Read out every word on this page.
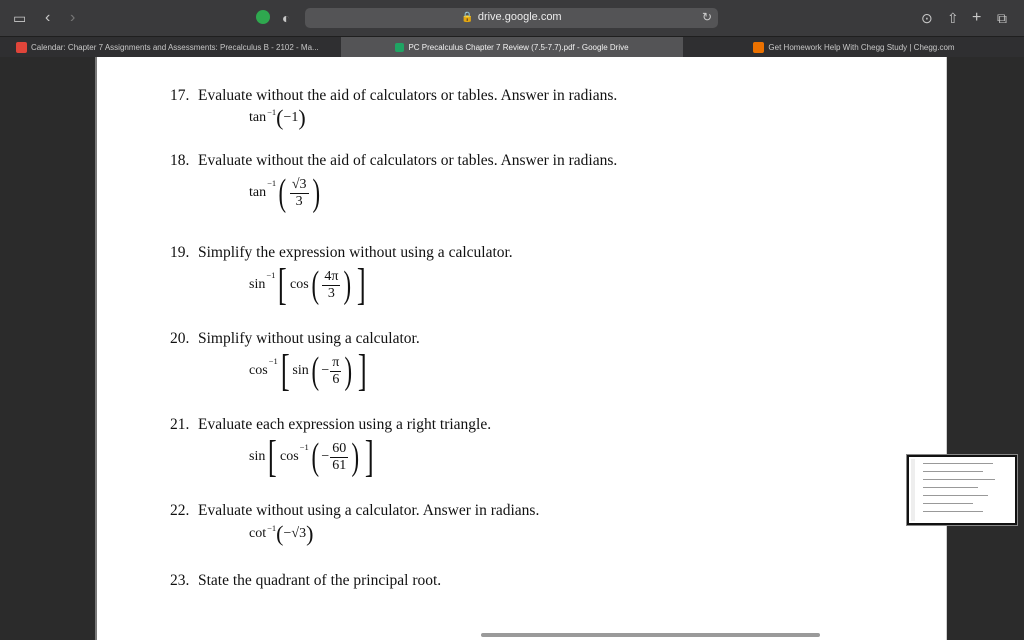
▭ ‹ ›	◐	🔒 drive.google.com	↻	⊙ ⇧ + ⧉
Calendar: Chapter 7 Assignments and Assessments: Precalculus B - 2102 - Ma...	PC Precalculus Chapter 7 Review (7.5-7.7).pdf - Google Drive	Get Homework Help With Chegg Study | Chegg.com
17. Evaluate without the aid of calculators or tables. Answer in radians.
$\tan^{-1}(-1)$
18. Evaluate without the aid of calculators or tables. Answer in radians.
$\tan^{-1}( \frac{√3}{3}$ )
19. Simplify the expression without using a calculator.
$\sin^{-1}$[ $\cos( \frac{4\pi}{3}$ ) ]
20. Simplify without using a calculator.
$\cos^{-1}$[ $\sin( - \frac{\pi}{6}$ ) ]
21. Evaluate each expression using a right triangle.
sin[ $\cos^{-1}( - \frac{60}{61}$ ) ]
22. Evaluate without using a calculator. Answer in radians.
$\cot^{-1}(-√3)$
23. State the quadrant of the principal root.
